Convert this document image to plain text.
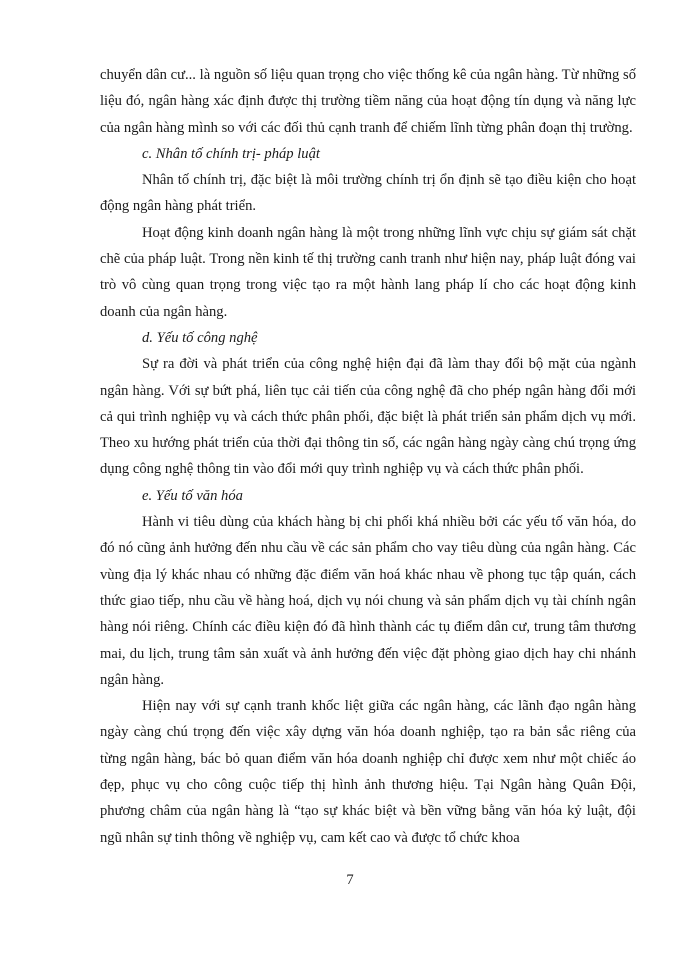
chuyển dân cư... là nguồn số liệu quan trọng cho việc thống kê của ngân hàng. Từ những số liệu đó, ngân hàng xác định được thị trường tiềm năng của hoạt động tín dụng và năng lực của ngân hàng mình so với các đối thủ cạnh tranh để chiếm lĩnh từng phân đoạn thị trường.

c. Nhân tố chính trị- pháp luật

Nhân tố chính trị, đặc biệt là môi trường chính trị ổn định sẽ tạo điều kiện cho hoạt động ngân hàng phát triển.

Hoạt động kinh doanh ngân hàng là một trong những lĩnh vực chịu sự giám sát chặt chẽ của pháp luật. Trong nền kinh tế thị trường canh tranh như hiện nay, pháp luật đóng vai trò vô cùng quan trọng trong việc tạo ra một hành lang pháp lí cho các hoạt động kinh doanh của ngân hàng.

d. Yếu tố công nghệ

Sự ra đời và phát triển của công nghệ hiện đại đã làm thay đổi bộ mặt của ngành ngân hàng. Với sự bứt phá, liên tục cải tiến của công nghệ đã cho phép ngân hàng đổi mới cả qui trình nghiệp vụ và cách thức phân phối, đặc biệt là phát triển sản phẩm dịch vụ mới. Theo xu hướng phát triển của thời đại thông tin số, các ngân hàng ngày càng chú trọng ứng dụng công nghệ thông tin vào đổi mới quy trình nghiệp vụ và cách thức phân phối.

e. Yếu tố văn hóa

Hành vi tiêu dùng của khách hàng bị chi phối khá nhiều bởi các yếu tố văn hóa, do đó nó cũng ảnh hưởng đến nhu cầu về các sản phẩm cho vay tiêu dùng của ngân hàng. Các vùng địa lý khác nhau có những đặc điểm văn hoá khác nhau về phong tục tập quán, cách thức giao tiếp, nhu cầu về hàng hoá, dịch vụ nói chung và sản phẩm dịch vụ tài chính ngân hàng nói riêng. Chính các điều kiện đó đã hình thành các tụ điểm dân cư, trung tâm thương mai, du lịch, trung tâm sản xuất và ảnh hưởng đến việc đặt phòng giao dịch hay chi nhánh ngân hàng.

Hiện nay với sự cạnh tranh khốc liệt giữa các ngân hàng, các lãnh đạo ngân hàng ngày càng chú trọng đến việc xây dựng văn hóa doanh nghiệp, tạo ra bản sắc riêng của từng ngân hàng, bác bỏ quan điểm văn hóa doanh nghiệp chỉ được xem như một chiếc áo đẹp, phục vụ cho công cuộc tiếp thị hình ảnh thương hiệu. Tại Ngân hàng Quân Đội, phương châm của ngân hàng là “tạo sự khác biệt và bền vững bằng văn hóa kỷ luật, đội ngũ nhân sự tinh thông về nghiệp vụ, cam kết cao và được tổ chức khoa

7
